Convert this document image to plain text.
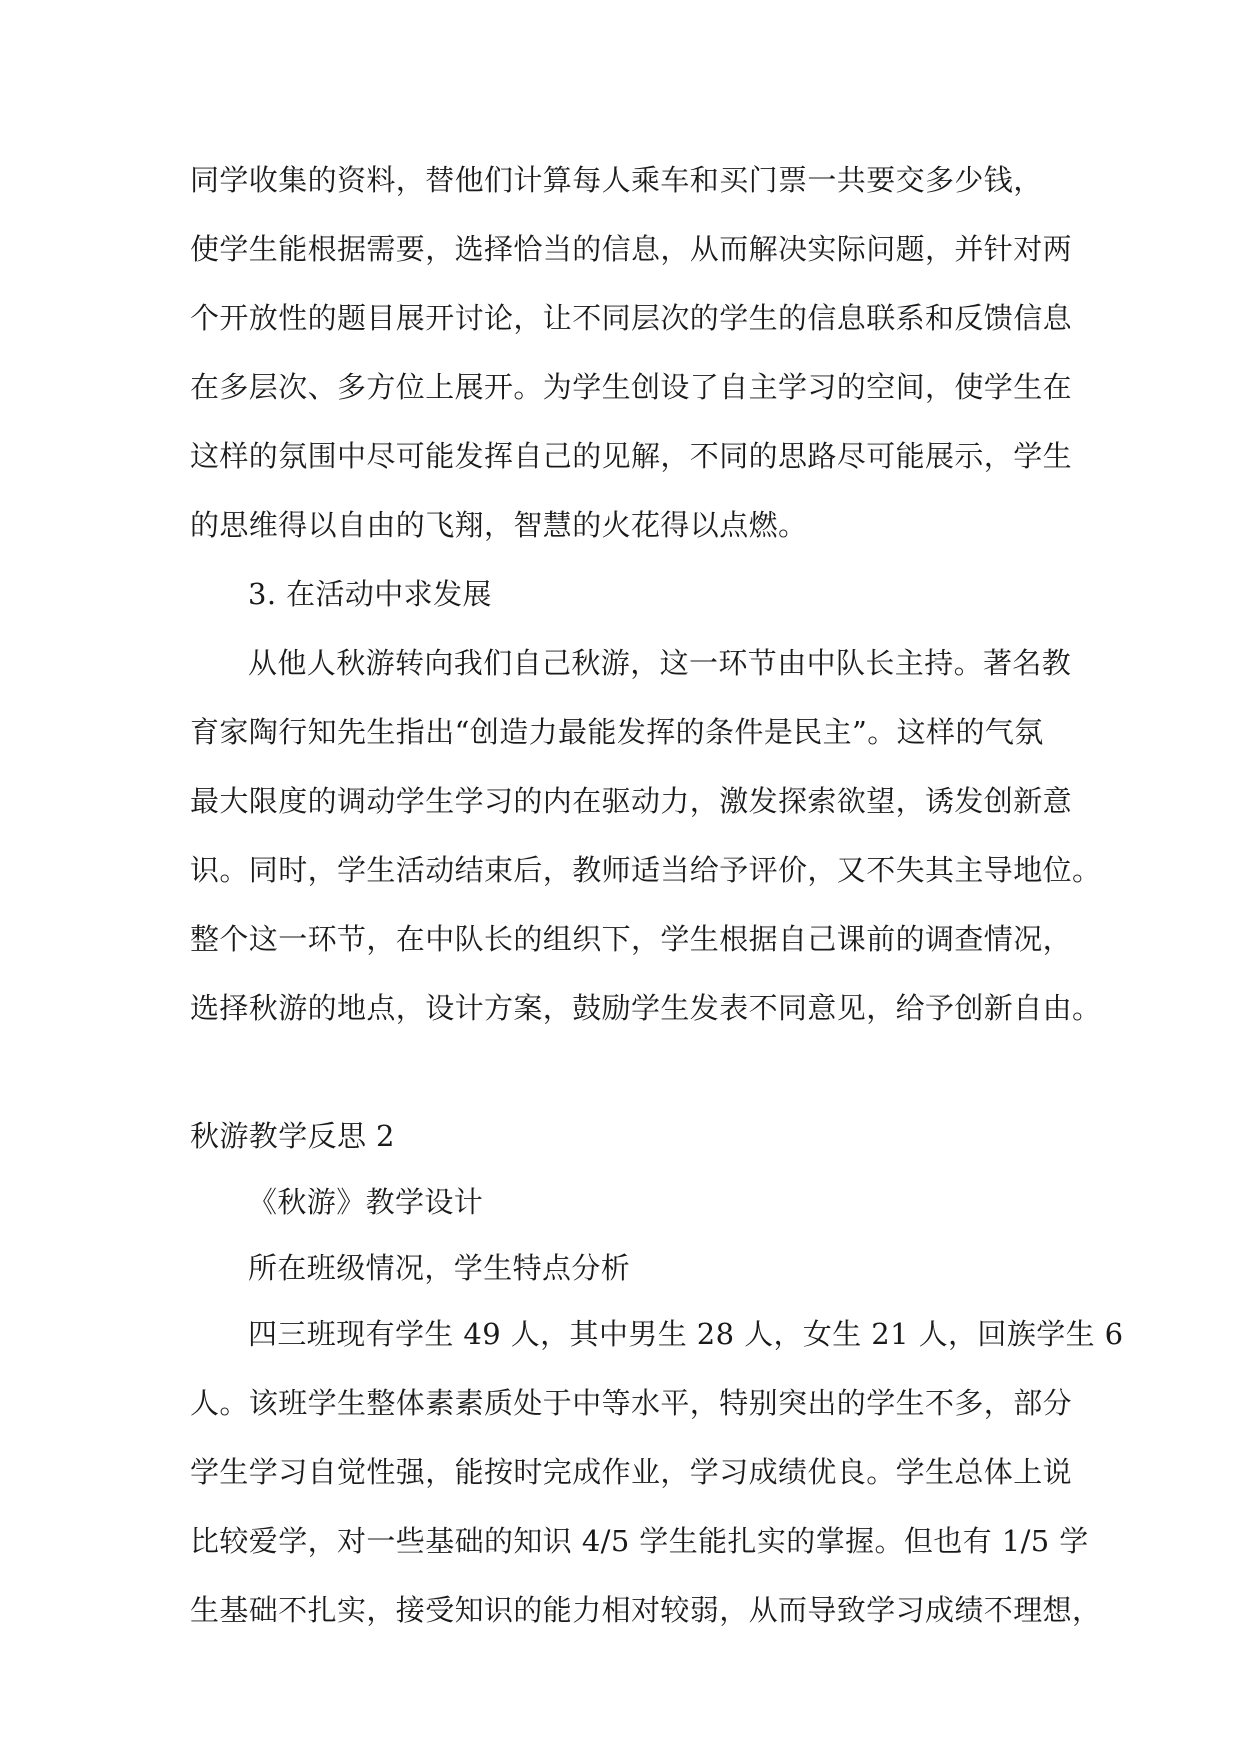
同学收集的资料，替他们计算每人乘车和买门票一共要交多少钱，
使学生能根据需要，选择恰当的信息，从而解决实际问题，并针对两
个开放性的题目展开讨论，让不同层次的学生的信息联系和反馈信息
在多层次、多方位上展开。为学生创设了自主学习的空间，使学生在
这样的氛围中尽可能发挥自己的见解，不同的思路尽可能展示，学生
的思维得以自由的飞翔，智慧的火花得以点燃。
3. 在活动中求发展
从他人秋游转向我们自己秋游，这一环节由中队长主持。著名教
育家陶行知先生指出“创造力最能发挥的条件是民主”。这样的气氛
最大限度的调动学生学习的内在驱动力，激发探索欲望，诱发创新意
识。同时，学生活动结束后，教师适当给予评价，又不失其主导地位。
整个这一环节，在中队长的组织下，学生根据自己课前的调查情况，
选择秋游的地点，设计方案，鼓励学生发表不同意见，给予创新自由。
秋游教学反思 2
《秋游》教学设计
所在班级情况，学生特点分析
四三班现有学生 49 人，其中男生 28 人，女生 21 人，回族学生 6
人。该班学生整体素素质处于中等水平，特别突出的学生不多，部分
学生学习自觉性强，能按时完成作业，学习成绩优良。学生总体上说
比较爱学，对一些基础的知识 4/5 学生能扎实的掌握。但也有 1/5 学
生基础不扎实，接受知识的能力相对较弱，从而导致学习成绩不理想，
